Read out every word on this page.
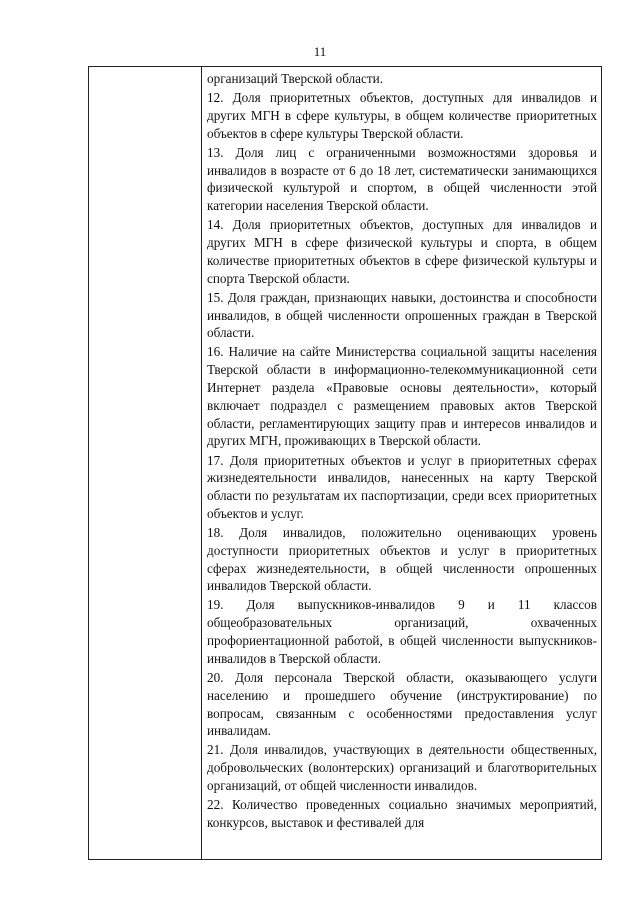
11

организаций Тверской области.

12. Доля приоритетных объектов, доступных для инвалидов и других МГН в сфере культуры, в общем количестве приоритетных объектов в сфере культуры Тверской области.

13. Доля лиц с ограниченными возможностями здоровья и инвалидов в возрасте от 6 до 18 лет, систематически занимающихся физической культурой и спортом, в общей численности этой категории населения Тверской области.

14. Доля приоритетных объектов, доступных для инвалидов и других МГН в сфере физической культуры и спорта, в общем количестве приоритетных объектов в сфере физической культуры и спорта Тверской области.

15. Доля граждан, признающих навыки, достоинства и способности инвалидов, в общей численности опрошенных граждан в Тверской области.

16. Наличие на сайте Министерства социальной защиты населения Тверской области в информационно-телекоммуникационной сети Интернет раздела «Правовые основы деятельности», который включает подраздел с размещением правовых актов Тверской области, регламентирующих защиту прав и интересов инвалидов и других МГН, проживающих в Тверской области.

17. Доля приоритетных объектов и услуг в приоритетных сферах жизнедеятельности инвалидов, нанесенных на карту Тверской области по результатам их паспортизации, среди всех приоритетных объектов и услуг.

18. Доля инвалидов, положительно оценивающих уровень доступности приоритетных объектов и услуг в приоритетных сферах жизнедеятельности, в общей численности опрошенных инвалидов Тверской области.

19. Доля выпускников-инвалидов 9 и 11 классов общеобразовательных организаций, охваченных профориентационной работой, в общей численности выпускников-инвалидов в Тверской области.

20. Доля персонала Тверской области, оказывающего услуги населению и прошедшего обучение (инструктирование) по вопросам, связанным с особенностями предоставления услуг инвалидам.

21. Доля инвалидов, участвующих в деятельности общественных, добровольческих (волонтерских) организаций и благотворительных организаций, от общей численности инвалидов.

22. Количество проведенных социально значимых мероприятий, конкурсов, выставок и фестивалей для
